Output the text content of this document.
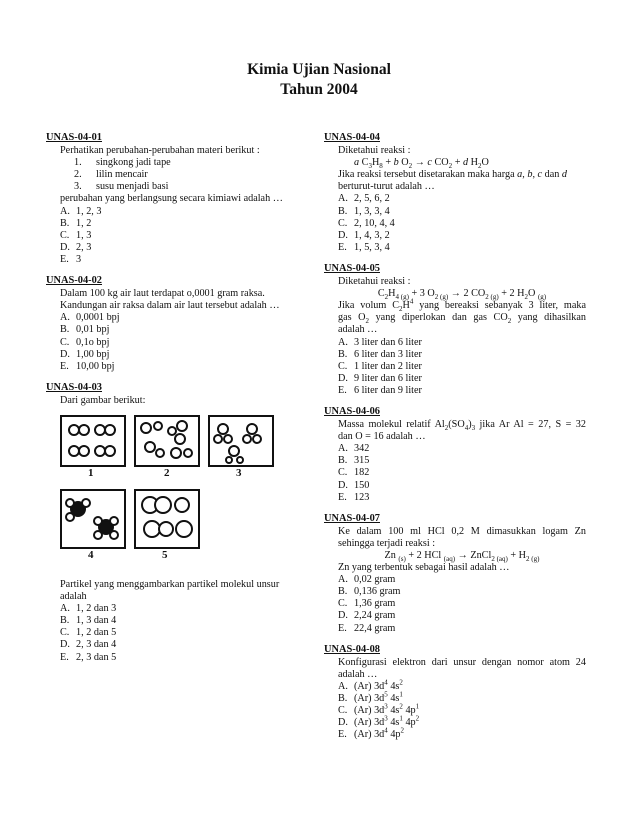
Kimia Ujian Nasional
Tahun 2004
UNAS-04-01
Perhatikan perubahan-perubahan materi berikut :
1.	singkong jadi tape
2.	lilin mencair
3.	susu menjadi basi
perubahan yang berlangsung secara kimiawi adalah …
A. 1, 2, 3
B. 1, 2
C. 1, 3
D. 2, 3
E. 3
UNAS-04-02
Dalam 100 kg air laut terdapat o,0001 gram raksa.
Kandungan air raksa dalam air laut tersebut adalah …
A. 0,0001 bpj
B. 0,01 bpj
C. 0,1o bpj
D. 1,00 bpj
E. 10,00 bpj
UNAS-04-03
Dari gambar berikut:
1	2	3
4	5
Partikel yang menggambarkan partikel molekul unsur
adalah
A. 1, 2 dan 3
B. 1, 3 dan 4
C. 1, 2 dan 5
D. 2, 3 dan 4
E. 2, 3 dan 5
UNAS-04-04
Diketahui reaksi :
a $C_3H_8 + b$ $O_2 \to c$ $CO_2 + d$ $H_2O$
Jika reaksi tersebut disetarakan maka harga a, b, c dan d
berturut-turut adalah …
A. 2, 5, 6, 2
B. 1, 3, 3, 4
C. 2, 10, 4, 4
D. 1, 4, 3, 2
E. 1, 5, 3, 4
UNAS-04-05
Diketahui reaksi :
$C_2H_{4 (g)} + 3$ $O_{2 (g)} \to 2$ $CO_{2 (g)} + 2$ $H_2O$ $_{(g)}$
Jika volum $C_2H^4$ yang bereaksi sebanyak 3 liter, maka
gas $O_2$ yang diperlokan dan gas $CO_2$ yang dihasilkan
adalah …
A. 3 liter dan 6 liter
B. 6 liter dan 3 liter
C. 1 liter dan 2 liter
D. 9 liter dan 6 liter
E. 6 liter dan 9 liter
UNAS-04-06
Massa molekul relatif $Al_2(SO_4)_3$ jika Ar Al = 27, S = 32
dan O = 16 adalah …
A. 342
B. 315
C. 182
D. 150
E. 123
UNAS-04-07
Ke dalam 100 ml HCl 0,2 M dimasukkan logam Zn
sehingga terjadi reaksi :
Zn $_{(s)}$ + 2 HCl $_{(aq)}$ → ZnCl$_{2 (aq)}$ + $H_{2 (g)}$
Zn yang terbentuk sebagai hasil adalah …
A. 0,02 gram
B. 0,136 gram
C. 1,36 gram
D. 2,24 gram
E. 22,4 gram
UNAS-04-08
Konfigurasi elektron dari unsur dengan nomor atom 24
adalah …
A. (Ar) $3d^4$ $4s^2$
B. (Ar) $3d^5$ $4s^1$
C. (Ar) $3d^3$ $4s^2$ $4p^1$
D. (Ar) $3d^3$ $4s^1$ $4p^2$
E. (Ar) $3d^4$ $4p^2$
